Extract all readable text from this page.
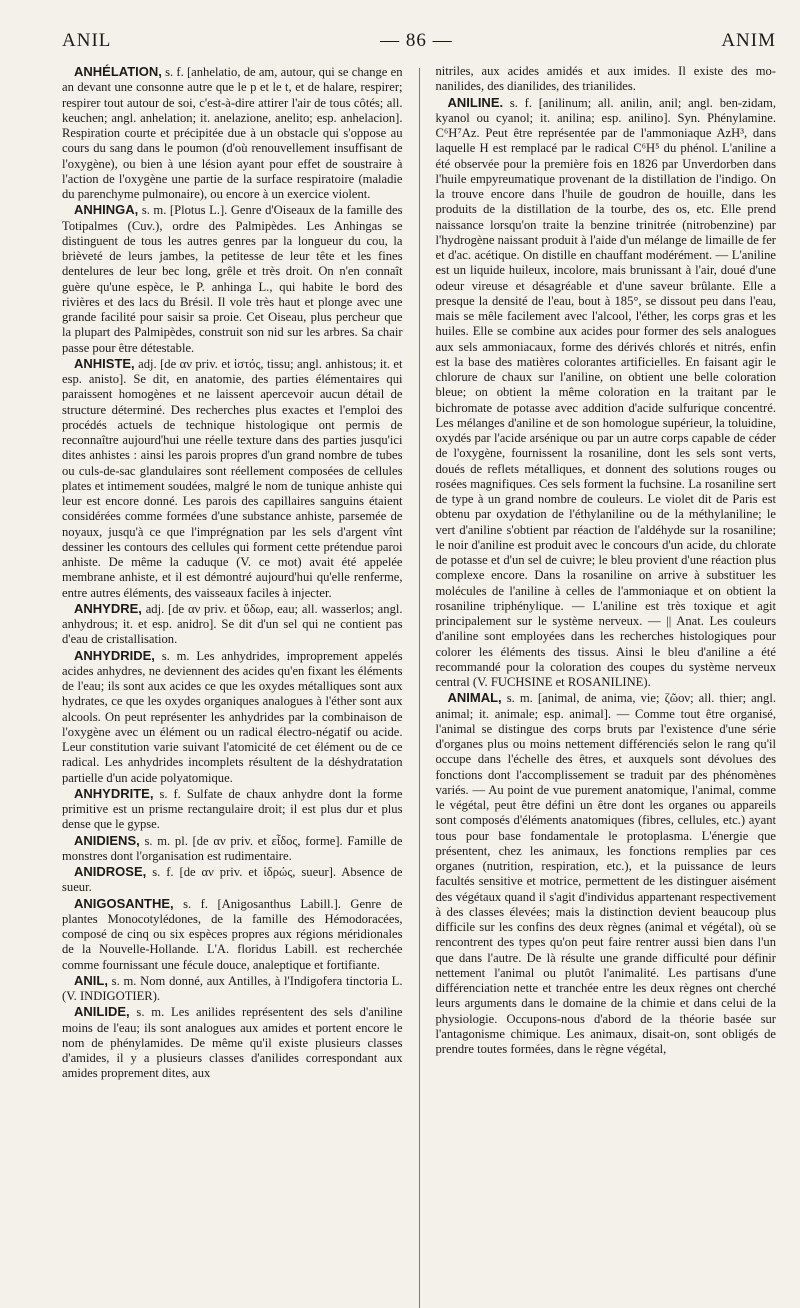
ANIL	— 86 —	ANIM

ANHÉLATION, s. f. [anhelatio, de am, autour, qui se change en an devant une consonne autre que le p et le t, et de halare, respirer; respirer tout autour de soi, c'est-à-dire attirer l'air de tous côtés; all. keuchen; angl. anhelation; it. anelazione, anelito; esp. anhelacion]. Respiration courte et précipitée due à un obstacle qui s'oppose au cours du sang dans le poumon (d'où renouvellement insuffisant de l'oxygène), ou bien à une lésion ayant pour effet de soustraire à l'action de l'oxygène une partie de la surface respiratoire (maladie du parenchyme pulmonaire), ou encore à un exercice violent.

ANHINGA, s. m. [Plotus L.]. Genre d'Oiseaux de la famille des Totipalmes (Cuv.), ordre des Palmipèdes. Les Anhingas se distinguent de tous les autres genres par la longueur du cou, la brièveté de leurs jambes, la petitesse de leur tête et les fines dentelures de leur bec long, grêle et très droit. On n'en connaît guère qu'une espèce, le P. anhinga L., qui habite le bord des rivières et des lacs du Brésil. Il vole très haut et plonge avec une grande facilité pour saisir sa proie. Cet Oiseau, plus percheur que la plupart des Palmipèdes, construit son nid sur les arbres. Sa chair passe pour être détestable.

ANHISTE, adj. [de αν priv. et ἱστός, tissu; angl. anhistous; it. et esp. anisto]. Se dit, en anatomie, des parties élémentaires qui paraissent homogènes et ne laissent apercevoir aucun détail de structure déterminé. Des recherches plus exactes et l'emploi des procédés actuels de technique histologique ont permis de reconnaître aujourd'hui une réelle texture dans des parties jusqu'ici dites anhistes : ainsi les parois propres d'un grand nombre de tubes ou culs-de-sac glandulaires sont réellement composées de cellules plates et intimement soudées, malgré le nom de tunique anhiste qui leur est encore donné. Les parois des capillaires sanguins étaient considérées comme formées d'une substance anhiste, parsemée de noyaux, jusqu'à ce que l'imprégnation par les sels d'argent vînt dessiner les contours des cellules qui forment cette prétendue paroi anhiste. De même la caduque (V. ce mot) avait été appelée membrane anhiste, et il est démontré aujourd'hui qu'elle renferme, entre autres éléments, des vaisseaux faciles à injecter.

ANHYDRE, adj. [de αν priv. et ὕδωρ, eau; all. wasserlos; angl. anhydrous; it. et esp. anidro]. Se dit d'un sel qui ne contient pas d'eau de cristallisation.

ANHYDRIDE, s. m. Les anhydrides, improprement appelés acides anhydres, ne deviennent des acides qu'en fixant les éléments de l'eau; ils sont aux acides ce que les oxydes métalliques sont aux hydrates, ce que les oxydes organiques analogues à l'éther sont aux alcools. On peut représenter les anhydrides par la combinaison de l'oxygène avec un élément ou un radical électro-négatif ou acide. Leur constitution varie suivant l'atomicité de cet élément ou de ce radical. Les anhydrides incomplets résultent de la déshydratation partielle d'un acide polyatomique.

ANHYDRITE, s. f. Sulfate de chaux anhydre dont la forme primitive est un prisme rectangulaire droit; il est plus dur et plus dense que le gypse.

ANIDIENS, s. m. pl. [de αν priv. et εἶδος, forme]. Famille de monstres dont l'organisation est rudimentaire.

ANIDROSE, s. f. [de αν priv. et ἱδρώς, sueur]. Absence de sueur.

ANIGOSANTHE, s. f. [Anigosanthus Labill.]. Genre de plantes Monocotylédones, de la famille des Hémodoracées, composé de cinq ou six espèces propres aux régions méridionales de la Nouvelle-Hollande. L'A. floridus Labill. est recherchée comme fournissant une fécule douce, analeptique et fortifiante.

ANIL, s. m. Nom donné, aux Antilles, à l'Indigofera tinctoria L. (V. INDIGOTIER).

ANILIDE, s. m. Les anilides représentent des sels d'aniline moins de l'eau; ils sont analogues aux amides et portent encore le nom de phénylamides. De même qu'il existe plusieurs classes d'amides, il y a plusieurs classes d'anilides correspondant aux amides proprement dites, aux

nitriles, aux acides amidés et aux imides. Il existe des mo-nanilides, des dianilides, des trianilides.

ANILINE. s. f. [anilinum; all. anilin, anil; angl. ben-zidam, kyanol ou cyanol; it. anilina; esp. anilino]. Syn. Phénylamine. C⁶H⁷Az. Peut être représentée par de l'ammoniaque AzH³, dans laquelle H est remplacé par le radical C⁶H⁵ du phénol. L'aniline a été observée pour la première fois en 1826 par Unverdorben dans l'huile empyreumatique provenant de la distillation de l'indigo. On la trouve encore dans l'huile de goudron de houille, dans les produits de la distillation de la tourbe, des os, etc. Elle prend naissance lorsqu'on traite la benzine trinitrée (nitrobenzine) par l'hydrogène naissant produit à l'aide d'un mélange de limaille de fer et d'ac. acétique. On distille en chauffant modérément. — L'aniline est un liquide huileux, incolore, mais brunissant à l'air, doué d'une odeur vireuse et désagréable et d'une saveur brûlante. Elle a presque la densité de l'eau, bout à 185°, se dissout peu dans l'eau, mais se mêle facilement avec l'alcool, l'éther, les corps gras et les huiles. Elle se combine aux acides pour former des sels analogues aux sels ammoniacaux, forme des dérivés chlorés et nitrés, enfin est la base des matières colorantes artificielles. En faisant agir le chlorure de chaux sur l'aniline, on obtient une belle coloration bleue; on obtient la même coloration en la traitant par le bichromate de potasse avec addition d'acide sulfurique concentré. Les mélanges d'aniline et de son homologue supérieur, la toluidine, oxydés par l'acide arsénique ou par un autre corps capable de céder de l'oxygène, fournissent la rosaniline, dont les sels sont verts, doués de reflets métalliques, et donnent des solutions rouges ou rosées magnifiques. Ces sels forment la fuchsine. La rosaniline sert de type à un grand nombre de couleurs. Le violet dit de Paris est obtenu par oxydation de l'éthylaniline ou de la méthylaniline; le vert d'aniline s'obtient par réaction de l'aldéhyde sur la rosaniline; le noir d'aniline est produit avec le concours d'un acide, du chlorate de potasse et d'un sel de cuivre; le bleu provient d'une réaction plus complexe encore. Dans la rosaniline on arrive à substituer les molécules de l'aniline à celles de l'ammoniaque et on obtient la rosaniline triphénylique. — L'aniline est très toxique et agit principalement sur le système nerveux. — || Anat. Les couleurs d'aniline sont employées dans les recherches histologiques pour colorer les éléments des tissus. Ainsi le bleu d'aniline a été recommandé pour la coloration des coupes du système nerveux central (V. FUCHSINE et ROSANILINE).

ANIMAL, s. m. [animal, de anima, vie; ζῶον; all. thier; angl. animal; it. animale; esp. animal]. — Comme tout être organisé, l'animal se distingue des corps bruts par l'existence d'une série d'organes plus ou moins nettement différenciés selon le rang qu'il occupe dans l'échelle des êtres, et auxquels sont dévolues des fonctions dont l'accomplissement se traduit par des phénomènes variés. — Au point de vue purement anatomique, l'animal, comme le végétal, peut être défini un être dont les organes ou appareils sont composés d'éléments anatomiques (fibres, cellules, etc.) ayant tous pour base fondamentale le protoplasma. L'énergie que présentent, chez les animaux, les fonctions remplies par ces organes (nutrition, respiration, etc.), et la puissance de leurs facultés sensitive et motrice, permettent de les distinguer aisément des végétaux quand il s'agit d'individus appartenant respectivement à des classes élevées; mais la distinction devient beaucoup plus difficile sur les confins des deux règnes (animal et végétal), où se rencontrent des types qu'on peut faire rentrer aussi bien dans l'un que dans l'autre. De là résulte une grande difficulté pour définir nettement l'animal ou plutôt l'animalité. Les partisans d'une différenciation nette et tranchée entre les deux règnes ont cherché leurs arguments dans le domaine de la chimie et dans celui de la physiologie. Occupons-nous d'abord de la théorie basée sur l'antagonisme chimique. Les animaux, disait-on, sont obligés de prendre toutes formées, dans le règne végétal,
